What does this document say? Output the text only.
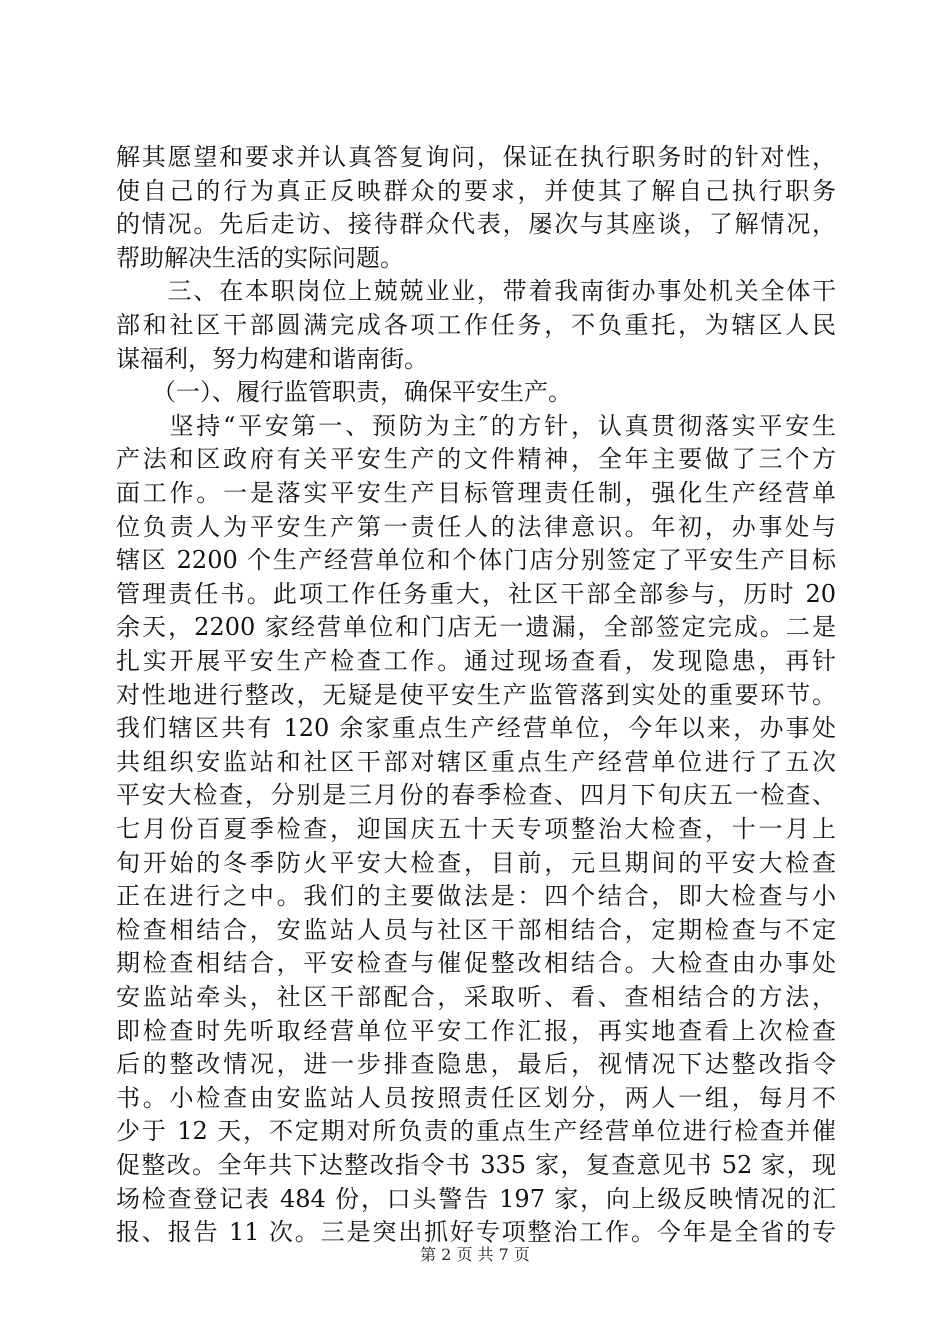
解其愿望和要求并认真答复询问，保证在执行职务时的针对性，
使自己的行为真正反映群众的要求，并使其了解自己执行职务
的情况。先后走访、接待群众代表，屡次与其座谈，了解情况，
帮助解决生活的实际问题。
　　三、在本职岗位上兢兢业业，带着我南街办事处机关全体干
部和社区干部圆满完成各项工作任务，不负重托，为辖区人民
谋福利，努力构建和谐南街。
　　（一）、履行监管职责，确保平安生产。
　　坚持“平安第一、预防为主″的方针，认真贯彻落实平安生
产法和区政府有关平安生产的文件精神，全年主要做了三个方
面工作。一是落实平安生产目标管理责任制，强化生产经营单
位负责人为平安生产第一责任人的法律意识。年初，办事处与
辖区 2200 个生产经营单位和个体门店分别签定了平安生产目标
管理责任书。此项工作任务重大，社区干部全部参与，历时 20
余天，2200 家经营单位和门店无一遗漏，全部签定完成。二是
扎实开展平安生产检查工作。通过现场查看，发现隐患，再针
对性地进行整改，无疑是使平安生产监管落到实处的重要环节。
我们辖区共有 120 余家重点生产经营单位，今年以来，办事处
共组织安监站和社区干部对辖区重点生产经营单位进行了五次
平安大检查，分别是三月份的春季检查、四月下旬庆五一检查、
七月份百夏季检查，迎国庆五十天专项整治大检查，十一月上
旬开始的冬季防火平安大检查，目前，元旦期间的平安大检查
正在进行之中。我们的主要做法是：四个结合，即大检查与小
检查相结合，安监站人员与社区干部相结合，定期检查与不定
期检查相结合，平安检查与催促整改相结合。大检查由办事处
安监站牵头，社区干部配合，采取听、看、查相结合的方法，
即检查时先听取经营单位平安工作汇报，再实地查看上次检查
后的整改情况，进一步排查隐患，最后，视情况下达整改指令
书。小检查由安监站人员按照责任区划分，两人一组，每月不
少于 12 天，不定期对所负责的重点生产经营单位进行检查并催
促整改。全年共下达整改指令书 335 家，复查意见书 52 家，现
场检查登记表 484 份，口头警告 197 家，向上级反映情况的汇
第 2 页 共 7 页
报、报告 11 次。三是突出抓好专项整治工作。今年是全省的专
